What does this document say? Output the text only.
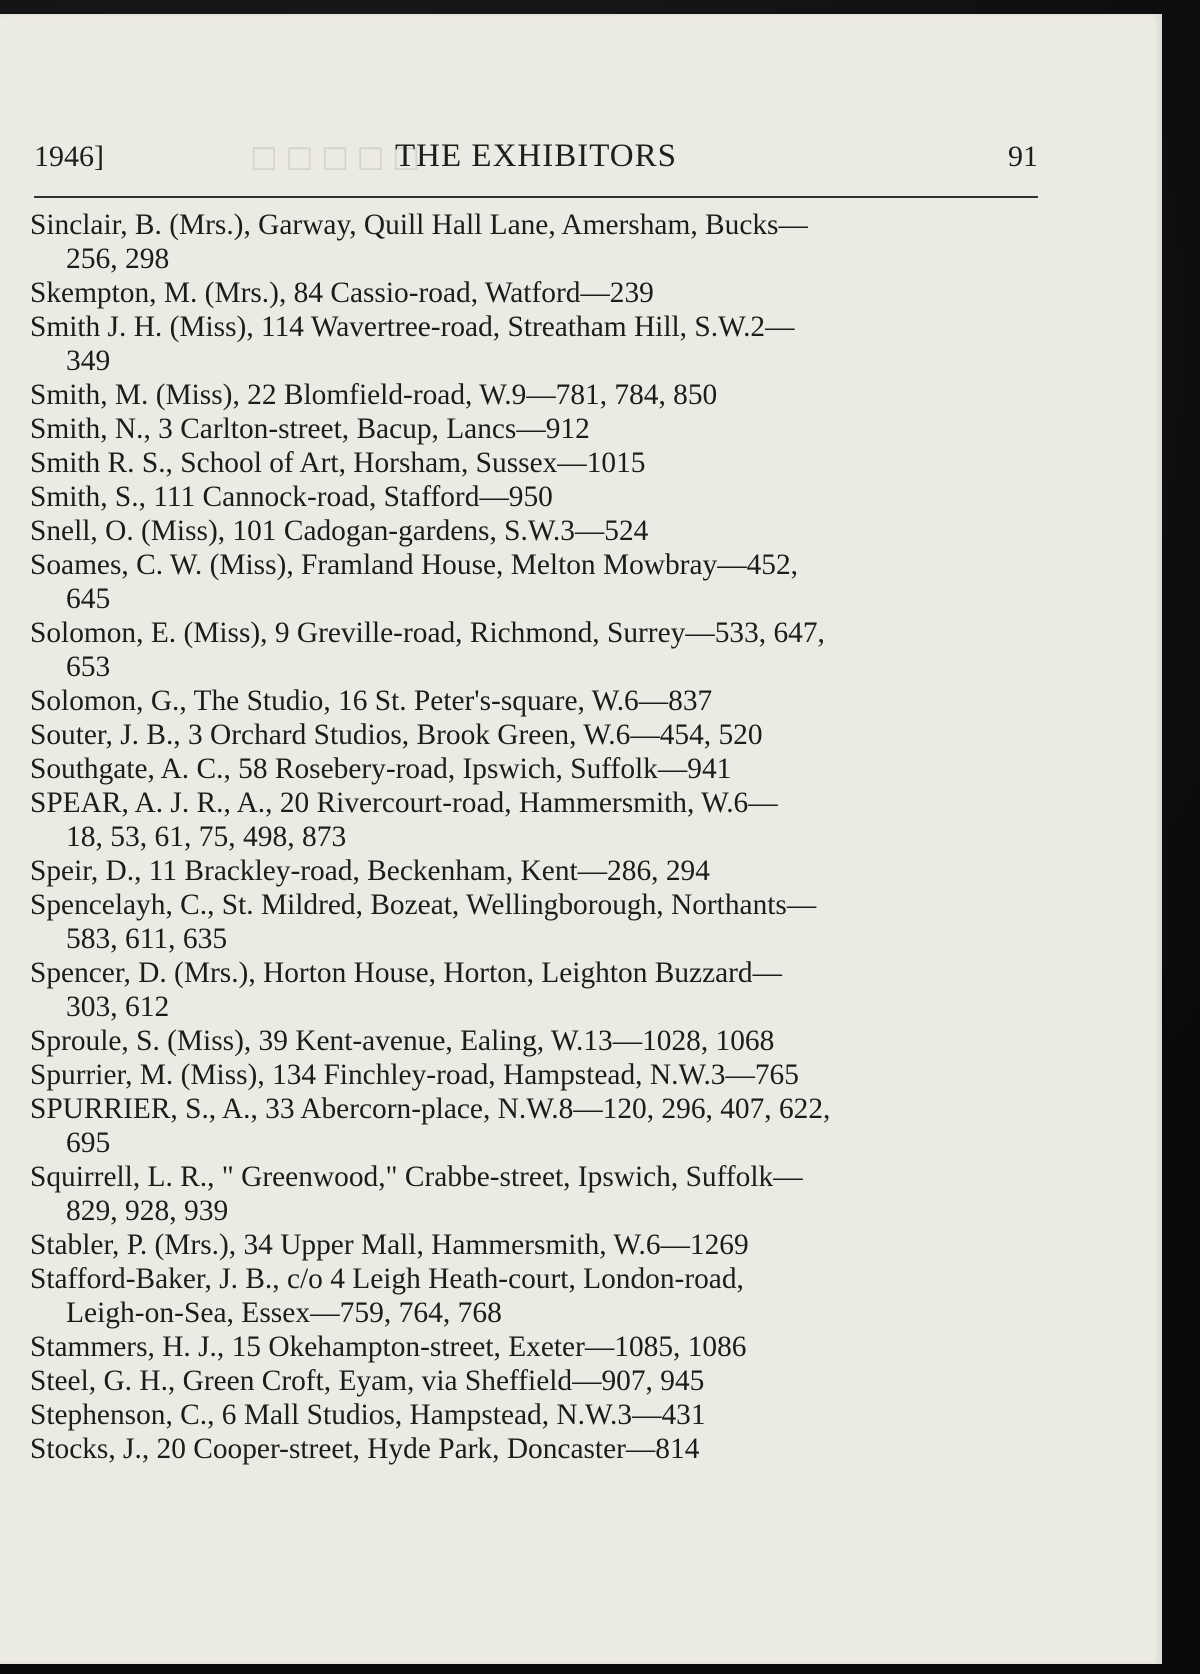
☐ ☐ ☐ ☐ ☐
1946]	THE EXHIBITORS	91
Sinclair, B. (Mrs.), Garway, Quill Hall Lane, Amersham, Bucks—
256, 298
Skempton, M. (Mrs.), 84 Cassio-road, Watford—239
Smith J. H. (Miss), 114 Wavertree-road, Streatham Hill, S.W.2—
349
Smith, M. (Miss), 22 Blomfield-road, W.9—781, 784, 850
Smith, N., 3 Carlton-street, Bacup, Lancs—912
Smith R. S., School of Art, Horsham, Sussex—1015
Smith, S., 111 Cannock-road, Stafford—950
Snell, O. (Miss), 101 Cadogan-gardens, S.W.3—524
Soames, C. W. (Miss), Framland House, Melton Mowbray—452,
645
Solomon, E. (Miss), 9 Greville-road, Richmond, Surrey—533, 647,
653
Solomon, G., The Studio, 16 St. Peter's-square, W.6—837
Souter, J. B., 3 Orchard Studios, Brook Green, W.6—454, 520
Southgate, A. C., 58 Rosebery-road, Ipswich, Suffolk—941
SPEAR, A. J. R., A., 20 Rivercourt-road, Hammersmith, W.6—
18, 53, 61, 75, 498, 873
Speir, D., 11 Brackley-road, Beckenham, Kent—286, 294
Spencelayh, C., St. Mildred, Bozeat, Wellingborough, Northants—
583, 611, 635
Spencer, D. (Mrs.), Horton House, Horton, Leighton Buzzard—
303, 612
Sproule, S. (Miss), 39 Kent-avenue, Ealing, W.13—1028, 1068
Spurrier, M. (Miss), 134 Finchley-road, Hampstead, N.W.3—765
SPURRIER, S., A., 33 Abercorn-place, N.W.8—120, 296, 407, 622,
695
Squirrell, L. R., " Greenwood," Crabbe-street, Ipswich, Suffolk—
829, 928, 939
Stabler, P. (Mrs.), 34 Upper Mall, Hammersmith, W.6—1269
Stafford-Baker, J. B., c/o 4 Leigh Heath-court, London-road,
Leigh-on-Sea, Essex—759, 764, 768
Stammers, H. J., 15 Okehampton-street, Exeter—1085, 1086
Steel, G. H., Green Croft, Eyam, via Sheffield—907, 945
Stephenson, C., 6 Mall Studios, Hampstead, N.W.3—431
Stocks, J., 20 Cooper-street, Hyde Park, Doncaster—814
